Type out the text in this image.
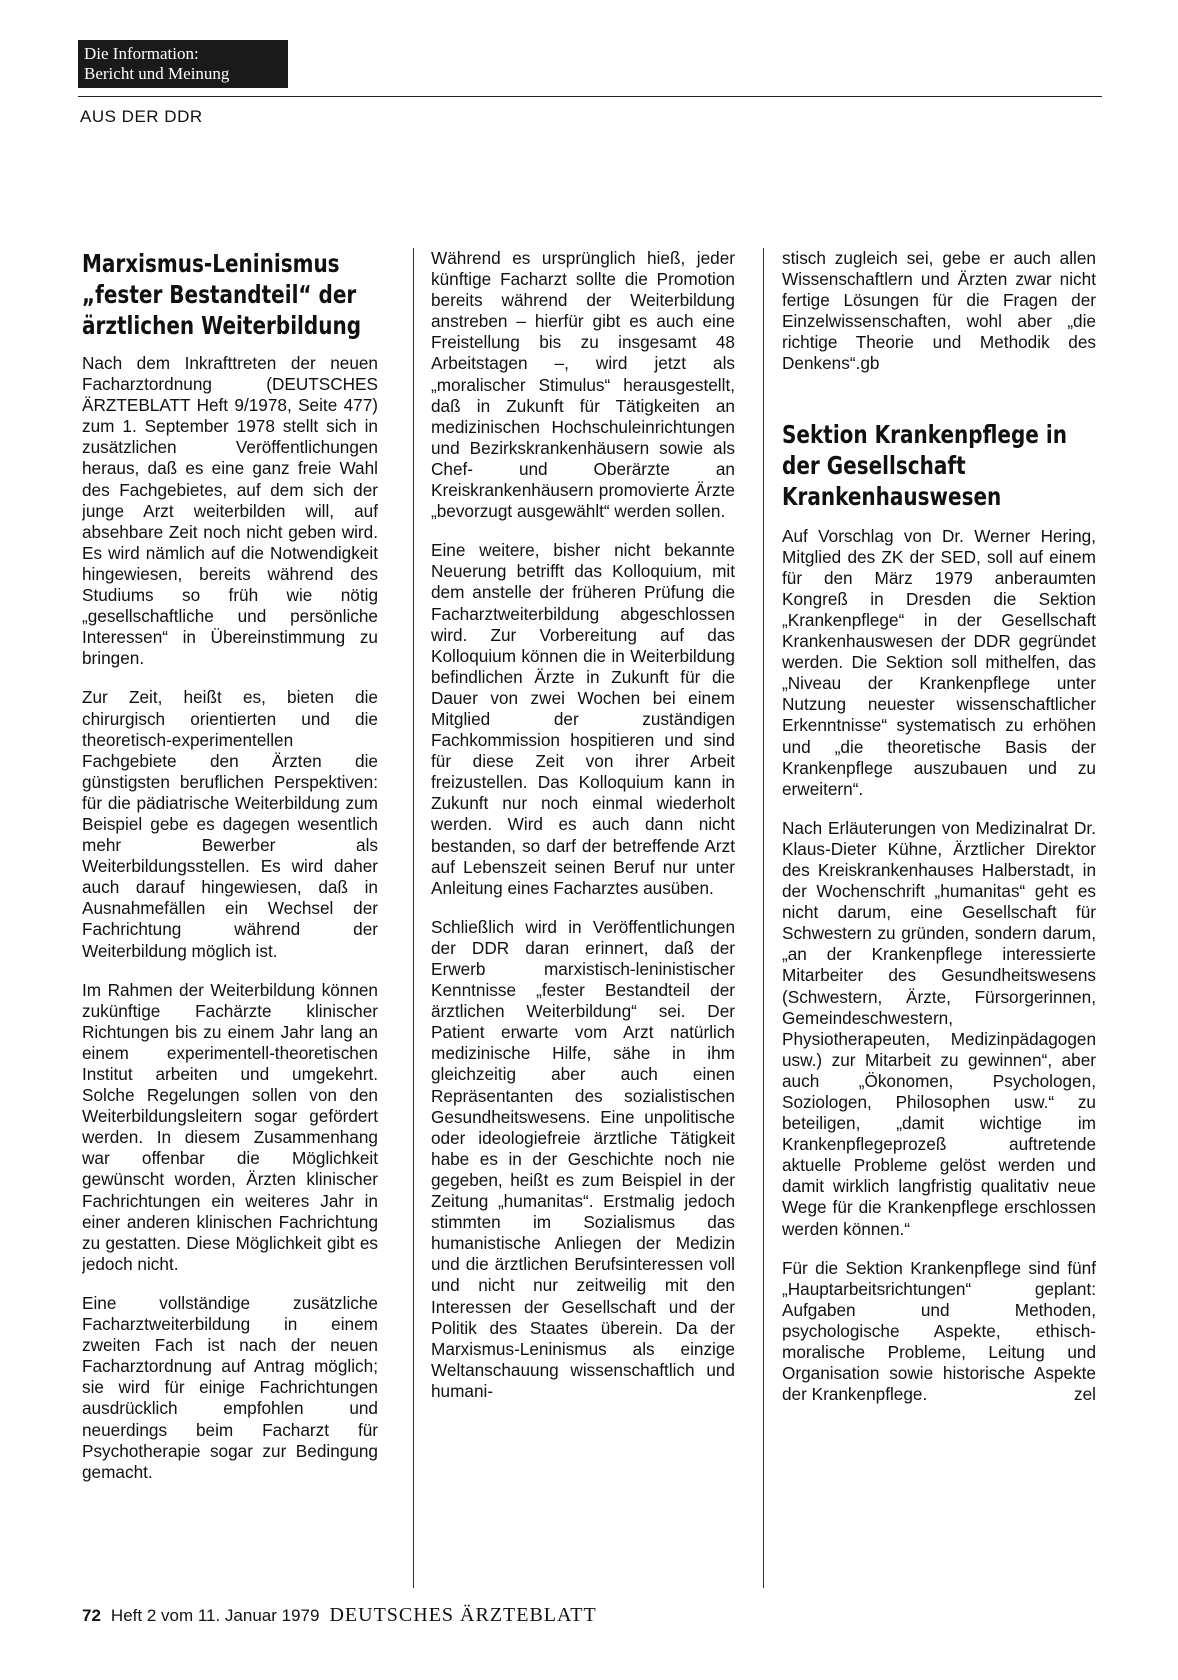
Die Information:
Bericht und Meinung
AUS DER DDR
Marxismus-Leninismus „fester Bestandteil“ der ärztlichen Weiterbildung

Nach dem Inkrafttreten der neuen Facharztordnung (DEUTSCHES ÄRZTEBLATT Heft 9/1978, Seite 477) zum 1. September 1978 stellt sich in zusätzlichen Veröffentlichungen heraus, daß es eine ganz freie Wahl des Fachgebietes, auf dem sich der junge Arzt weiterbilden will, auf absehbare Zeit noch nicht geben wird. Es wird nämlich auf die Notwendigkeit hingewiesen, bereits während des Studiums so früh wie nötig „gesellschaftliche und persönliche Interessen“ in Übereinstimmung zu bringen.

Zur Zeit, heißt es, bieten die chirurgisch orientierten und die theoretisch-experimentellen Fachgebiete den Ärzten die günstigsten beruflichen Perspektiven: für die pädiatrische Weiterbildung zum Beispiel gebe es dagegen wesentlich mehr Bewerber als Weiterbildungsstellen. Es wird daher auch darauf hingewiesen, daß in Ausnahmefällen ein Wechsel der Fachrichtung während der Weiterbildung möglich ist.

Im Rahmen der Weiterbildung können zukünftige Fachärzte klinischer Richtungen bis zu einem Jahr lang an einem experimentell-theoretischen Institut arbeiten und umgekehrt. Solche Regelungen sollen von den Weiterbildungsleitern sogar gefördert werden. In diesem Zusammenhang war offenbar die Möglichkeit gewünscht worden, Ärzten klinischer Fachrichtungen ein weiteres Jahr in einer anderen klinischen Fachrichtung zu gestatten. Diese Möglichkeit gibt es jedoch nicht.

Eine vollständige zusätzliche Facharztweiterbildung in einem zweiten Fach ist nach der neuen Facharztordnung auf Antrag möglich; sie wird für einige Fachrichtungen ausdrücklich empfohlen und neuerdings beim Facharzt für Psychotherapie sogar zur Bedingung gemacht.

Während es ursprünglich hieß, jeder künftige Facharzt sollte die Promotion bereits während der Weiterbildung anstreben – hierfür gibt es auch eine Freistellung bis zu insgesamt 48 Arbeitstagen –, wird jetzt als „moralischer Stimulus“ herausgestellt, daß in Zukunft für Tätigkeiten an medizinischen Hochschuleinrichtungen und Bezirkskrankenhäusern sowie als Chef- und Oberärzte an Kreiskrankenhäusern promovierte Ärzte „bevorzugt ausgewählt“ werden sollen.

Eine weitere, bisher nicht bekannte Neuerung betrifft das Kolloquium, mit dem anstelle der früheren Prüfung die Facharztweiterbildung abgeschlossen wird. Zur Vorbereitung auf das Kolloquium können die in Weiterbildung befindlichen Ärzte in Zukunft für die Dauer von zwei Wochen bei einem Mitglied der zuständigen Fachkommission hospitieren und sind für diese Zeit von ihrer Arbeit freizustellen. Das Kolloquium kann in Zukunft nur noch einmal wiederholt werden. Wird es auch dann nicht bestanden, so darf der betreffende Arzt auf Lebenszeit seinen Beruf nur unter Anleitung eines Facharztes ausüben.

Schließlich wird in Veröffentlichungen der DDR daran erinnert, daß der Erwerb marxistisch-leninistischer Kenntnisse „fester Bestandteil der ärztlichen Weiterbildung“ sei. Der Patient erwarte vom Arzt natürlich medizinische Hilfe, sähe in ihm gleichzeitig aber auch einen Repräsentanten des sozialistischen Gesundheitswesens. Eine unpolitische oder ideologiefreie ärztliche Tätigkeit habe es in der Geschichte noch nie gegeben, heißt es zum Beispiel in der Zeitung „humanitas“. Erstmalig jedoch stimmten im Sozialismus das humanistische Anliegen der Medizin und die ärztlichen Berufsinteressen voll und nicht nur zeitweilig mit den Interessen der Gesellschaft und der Politik des Staates überein. Da der Marxismus-Leninismus als einzige Weltanschauung wissenschaftlich und humani-

stisch zugleich sei, gebe er auch allen Wissenschaftlern und Ärzten zwar nicht fertige Lösungen für die Fragen der Einzelwissenschaften, wohl aber „die richtige Theorie und Methodik des Denkens“.gb

Sektion Krankenpflege in der Gesellschaft Krankenhauswesen

Auf Vorschlag von Dr. Werner Hering, Mitglied des ZK der SED, soll auf einem für den März 1979 anberaumten Kongreß in Dresden die Sektion „Krankenpflege“ in der Gesellschaft Krankenhauswesen der DDR gegründet werden. Die Sektion soll mithelfen, das „Niveau der Krankenpflege unter Nutzung neuester wissenschaftlicher Erkenntnisse“ systematisch zu erhöhen und „die theoretische Basis der Krankenpflege auszubauen und zu erweitern“.

Nach Erläuterungen von Medizinalrat Dr. Klaus-Dieter Kühne, Ärztlicher Direktor des Kreiskrankenhauses Halberstadt, in der Wochenschrift „humanitas“ geht es nicht darum, eine Gesellschaft für Schwestern zu gründen, sondern darum, „an der Krankenpflege interessierte Mitarbeiter des Gesundheitswesens (Schwestern, Ärzte, Fürsorgerinnen, Gemeindeschwestern, Physiotherapeuten, Medizinpädagogen usw.) zur Mitarbeit zu gewinnen“, aber auch „Ökonomen, Psychologen, Soziologen, Philosophen usw.“ zu beteiligen, „damit wichtige im Krankenpflegeprozeß auftretende aktuelle Probleme gelöst werden und damit wirklich langfristig qualitativ neue Wege für die Krankenpflege erschlossen werden können.“

Für die Sektion Krankenpflege sind fünf „Hauptarbeitsrichtungen“ geplant: Aufgaben und Methoden, psychologische Aspekte, ethisch-moralische Probleme, Leitung und Organisation sowie historische Aspekte der Krankenpflege.	zel

72 Heft 2 vom 11. Januar 1979 DEUTSCHES ÄRZTEBLATT
